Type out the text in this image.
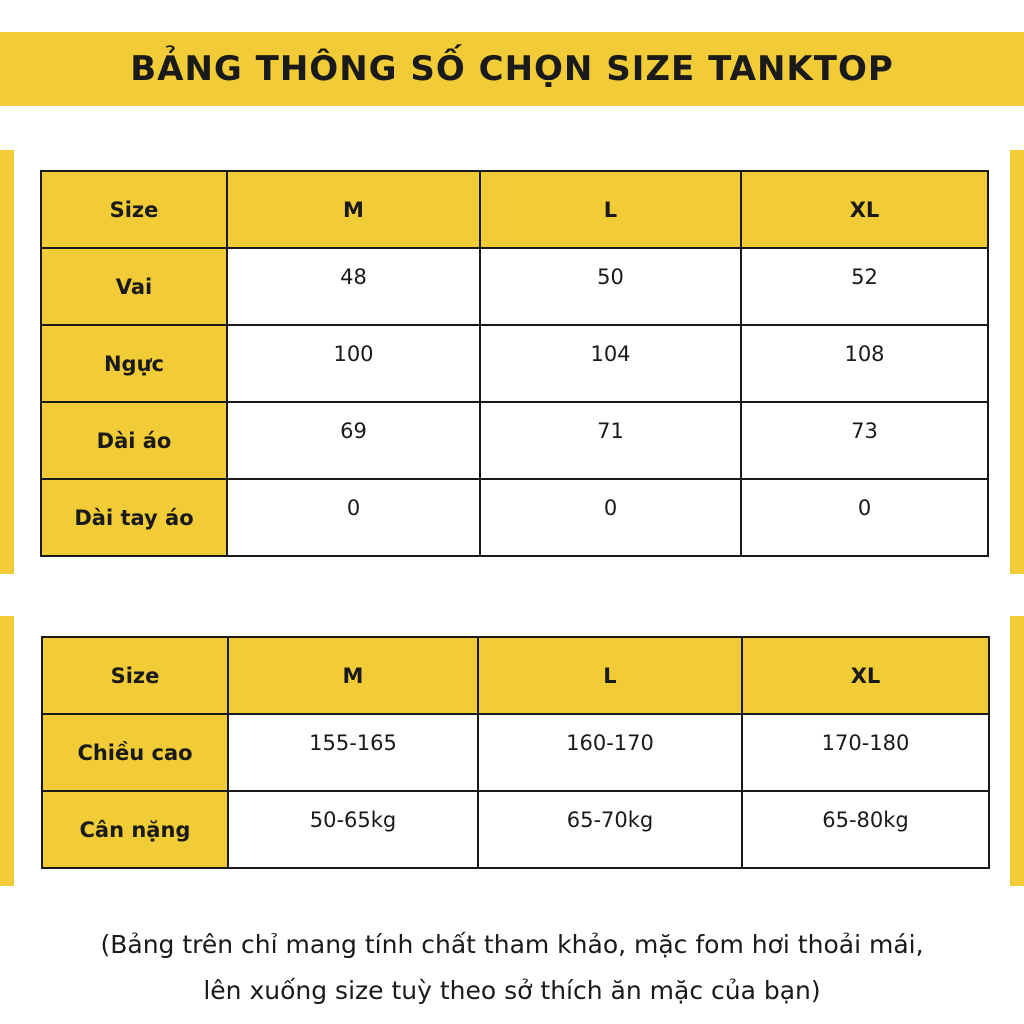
BẢNG THÔNG SỐ CHỌN SIZE TANKTOP
Size	M	L	XL
Vai	48	50	52
Ngực	100	104	108
Dài áo	69	71	73
Dài tay áo	0	0	0
Size	M	L	XL
Chiều cao	155-165	160-170	170-180
Cân nặng	50-65kg	65-70kg	65-80kg
(Bảng trên chỉ mang tính chất tham khảo, mặc fom hơi thoải mái,
lên xuống size tuỳ theo sở thích ăn mặc của bạn)
